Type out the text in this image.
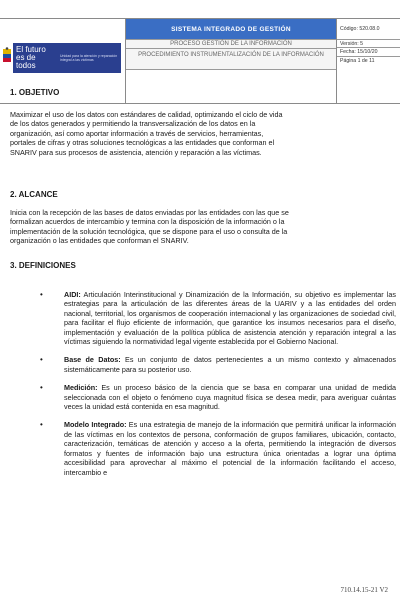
El futuro es de todos
Unidad para la atención y reparación integral a las víctimas
SISTEMA INTEGRADO DE GESTIÓN
PROCESO GESTIÓN DE LA INFORMACIÓN
PROCEDIMIENTO INSTRUMENTALIZACIÓN DE LA INFORMACIÓN
Código: 520.08.0
Versión: 5
Fecha: 15/10/20
Página 1 de 11
1. OBJETIVO
Maximizar el uso de los datos con estándares de calidad, optimizando el ciclo de vida
de los datos generados y permitiendo la transversalización de los datos en la
organización, así como aportar información a través de servicios, herramientas,
portales de cifras y otras soluciones tecnológicas a las entidades que conforman el
SNARIV para sus procesos de asistencia, atención y reparación a las víctimas.
2. ALCANCE
Inicia con la recepción de las bases de datos enviadas por las entidades con las que se
formalizan acuerdos de intercambio y termina con la disposición de la información o la
implementación de la solución tecnológica, que se dispone para el uso o consulta de la
organización o las entidades que conforman el SNARIV.
3. DEFINICIONES
• AIDI: Articulación Interinstitucional y Dinamización de la Información, su objetivo es implementar las estrategias para la articulación de las diferentes áreas de la UARIV y a las entidades del orden nacional, territorial, los organismos de cooperación internacional y las organizaciones de sociedad civil, para facilitar el flujo eficiente de información, que garantice los insumos necesarios para el diseño, implementación y evaluación de la política pública de asistencia atención y reparación integral a las víctimas siguiendo la normatividad legal vigente establecida por el Gobierno Nacional.
• Base de Datos: Es un conjunto de datos pertenecientes a un mismo contexto y almacenados sistemáticamente para su posterior uso.
• Medición: Es un proceso básico de la ciencia que se basa en comparar una unidad de medida seleccionada con el objeto o fenómeno cuya magnitud física se desea medir, para averiguar cuántas veces la unidad está contenida en esa magnitud.
• Modelo Integrado: Es una estrategia de manejo de la información que permitirá unificar la información de las víctimas en los contextos de persona, conformación de grupos familiares, ubicación, contacto, caracterización, temáticas de atención y acceso a la oferta, permitiendo la integración de diversos formatos y fuentes de información bajo una estructura única orientadas a lograr una óptima accesibilidad para aprovechar al máximo el potencial de la información facilitando el acceso, intercambio e
710.14.15-21 V2
